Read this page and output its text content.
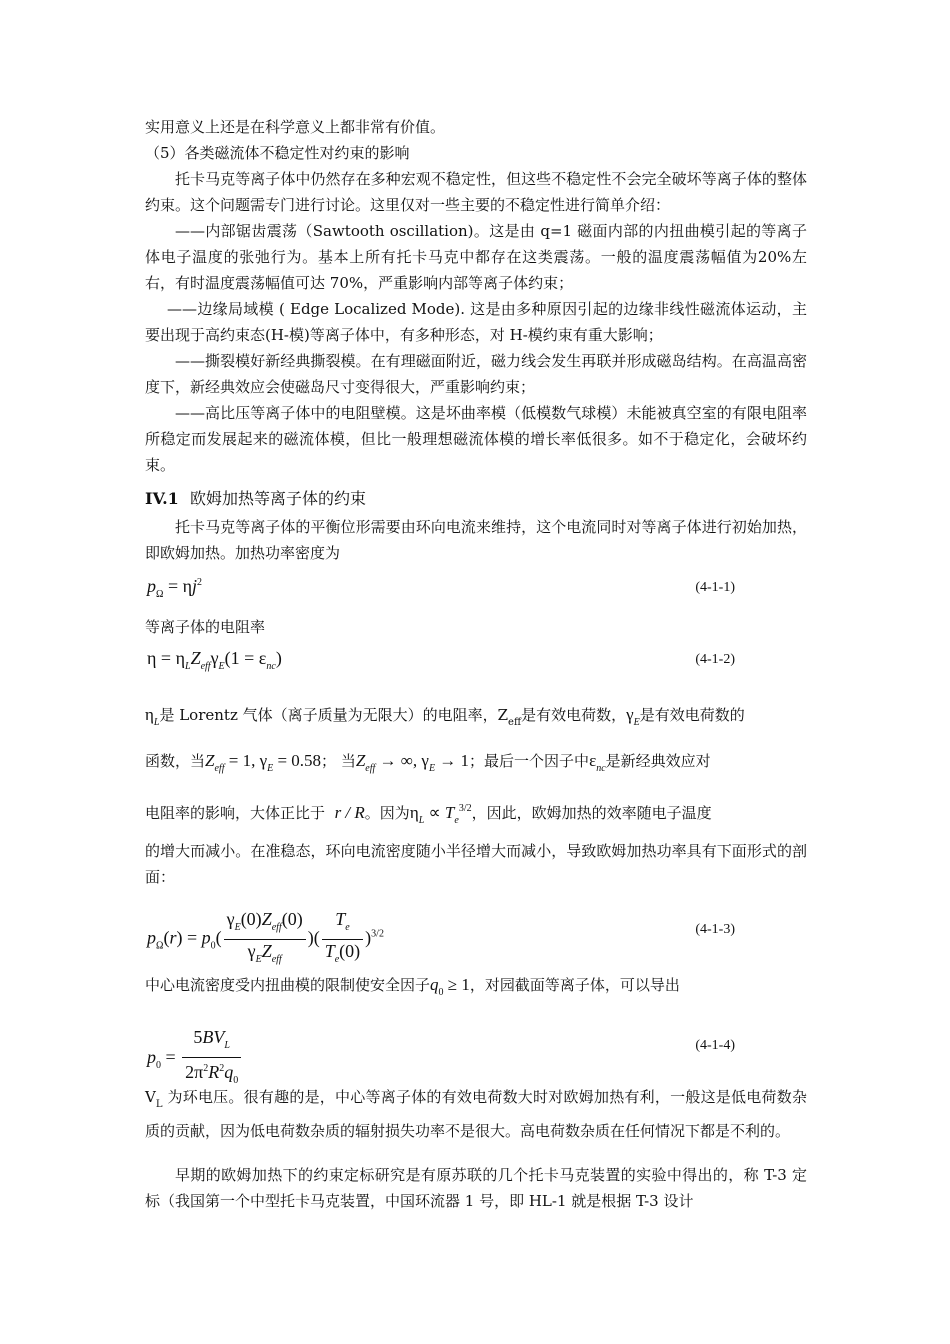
实用意义上还是在科学意义上都非常有价值。

（5）各类磁流体不稳定性对约束的影响

托卡马克等离子体中仍然存在多种宏观不稳定性，但这些不稳定性不会完全破坏等离子体的整体约束。这个问题需专门进行讨论。这里仅对一些主要的不稳定性进行简单介绍：

——内部锯齿震荡（Sawtooth oscillation)。这是由 q=1 磁面内部的内扭曲模引起的等离子体电子温度的张弛行为。基本上所有托卡马克中都存在这类震荡。一般的温度震荡幅值为20%左右，有时温度震荡幅值可达 70%，严重影响内部等离子体约束；

——边缘局域模 ( Edge Localized Mode). 这是由多种原因引起的边缘非线性磁流体运动，主要出现于高约束态(H-模)等离子体中，有多种形态，对 H-模约束有重大影响；

——撕裂模好新经典撕裂模。在有理磁面附近，磁力线会发生再联并形成磁岛结构。在高温高密度下，新经典效应会使磁岛尺寸变得很大，严重影响约束；

——高比压等离子体中的电阻壁模。这是坏曲率模（低模数气球模）未能被真空室的有限电阻率所稳定而发展起来的磁流体模，但比一般理想磁流体模的增长率低很多。如不于稳定化，会破坏约束。

IV.1 欧姆加热等离子体的约束

托卡马克等离子体的平衡位形需要由环向电流来维持，这个电流同时对等离子体进行初始加热，即欧姆加热。加热功率密度为

$p_\Omega = \eta j^2$	(4-1-1)

等离子体的电阻率

$\eta = \eta_LZ_{eff}\gamma_E(1 = \varepsilon_{nc})$	(4-1-2)

$\eta_L$是 Lorentz 气体（离子质量为无限大）的电阻率，$Z_{eff}$是有效电荷数，$\gamma_E$是有效电荷数的

函数，当$Z_{eff} = 1$, $\gamma_E = 0.58$； 当$Z_{eff}$ → ∞, $\gamma_E \to 1$；最后一个因子中$\varepsilon_{nc}$是新经典效应对

电阻率的影响，大体正比于 r / R。因为$\eta_L \propto T_e^{3/2}$，因此，欧姆加热的效率随电子温度

的增大而减小。在准稳态，环向电流密度随小半径增大而减小，导致欧姆加热功率具有下面形式的剖面：

$p_\Omega(r) = p_0( \frac{\gamma_E(0)Z_{eff}(0)}{\gamma_EZ_{eff}}$ )( $\frac{T_e}{T_e(0)} )^{3/2}$	(4-1-3)

中心电流密度受内扭曲模的限制使安全因子$q_0 \ge 1$，对园截面等离子体，可以导出

$p_0 = \frac{5BV_L}{2\pi^2R^2q_0}$	(4-1-4)

$V_L$ 为环电压。很有趣的是，中心等离子体的有效电荷数大时对欧姆加热有利，一般这是低电荷数杂质的贡献，因为低电荷数杂质的辐射损失功率不是很大。高电荷数杂质在任何情况下都是不利的。

早期的欧姆加热下的约束定标研究是有原苏联的几个托卡马克装置的实验中得出的，称 T-3 定标（我国第一个中型托卡马克装置，中国环流器 1 号，即 HL-1 就是根据 T-3 设计
